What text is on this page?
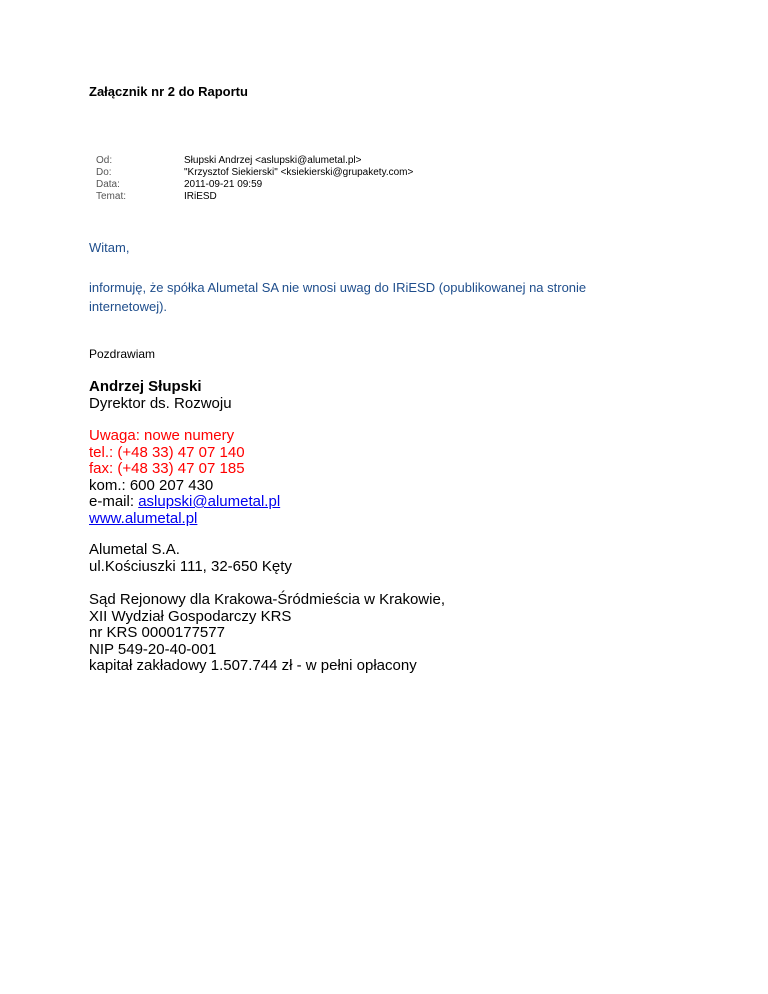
Załącznik nr 2 do Raportu
Od:	Słupski Andrzej <aslupski@alumetal.pl>
Do:	"Krzysztof Siekierski" <ksiekierski@grupakety.com>
Data:	2011-09-21 09:59
Temat:	IRiESD
Witam,
informuję, że spółka Alumetal SA nie wnosi uwag do IRiESD (opublikowanej na stronie internetowej).
Pozdrawiam
Andrzej Słupski
Dyrektor ds. Rozwoju
Uwaga: nowe numery
tel.: (+48 33) 47 07 140
fax: (+48 33) 47 07 185
kom.: 600 207 430
e-mail: aslupski@alumetal.pl
www.alumetal.pl
Alumetal S.A.
ul.Kościuszki 111, 32-650 Kęty
Sąd Rejonowy dla Krakowa-Śródmieścia w Krakowie,
XII Wydział Gospodarczy KRS
nr KRS 0000177577
NIP 549-20-40-001
kapitał zakładowy 1.507.744 zł - w pełni opłacony
